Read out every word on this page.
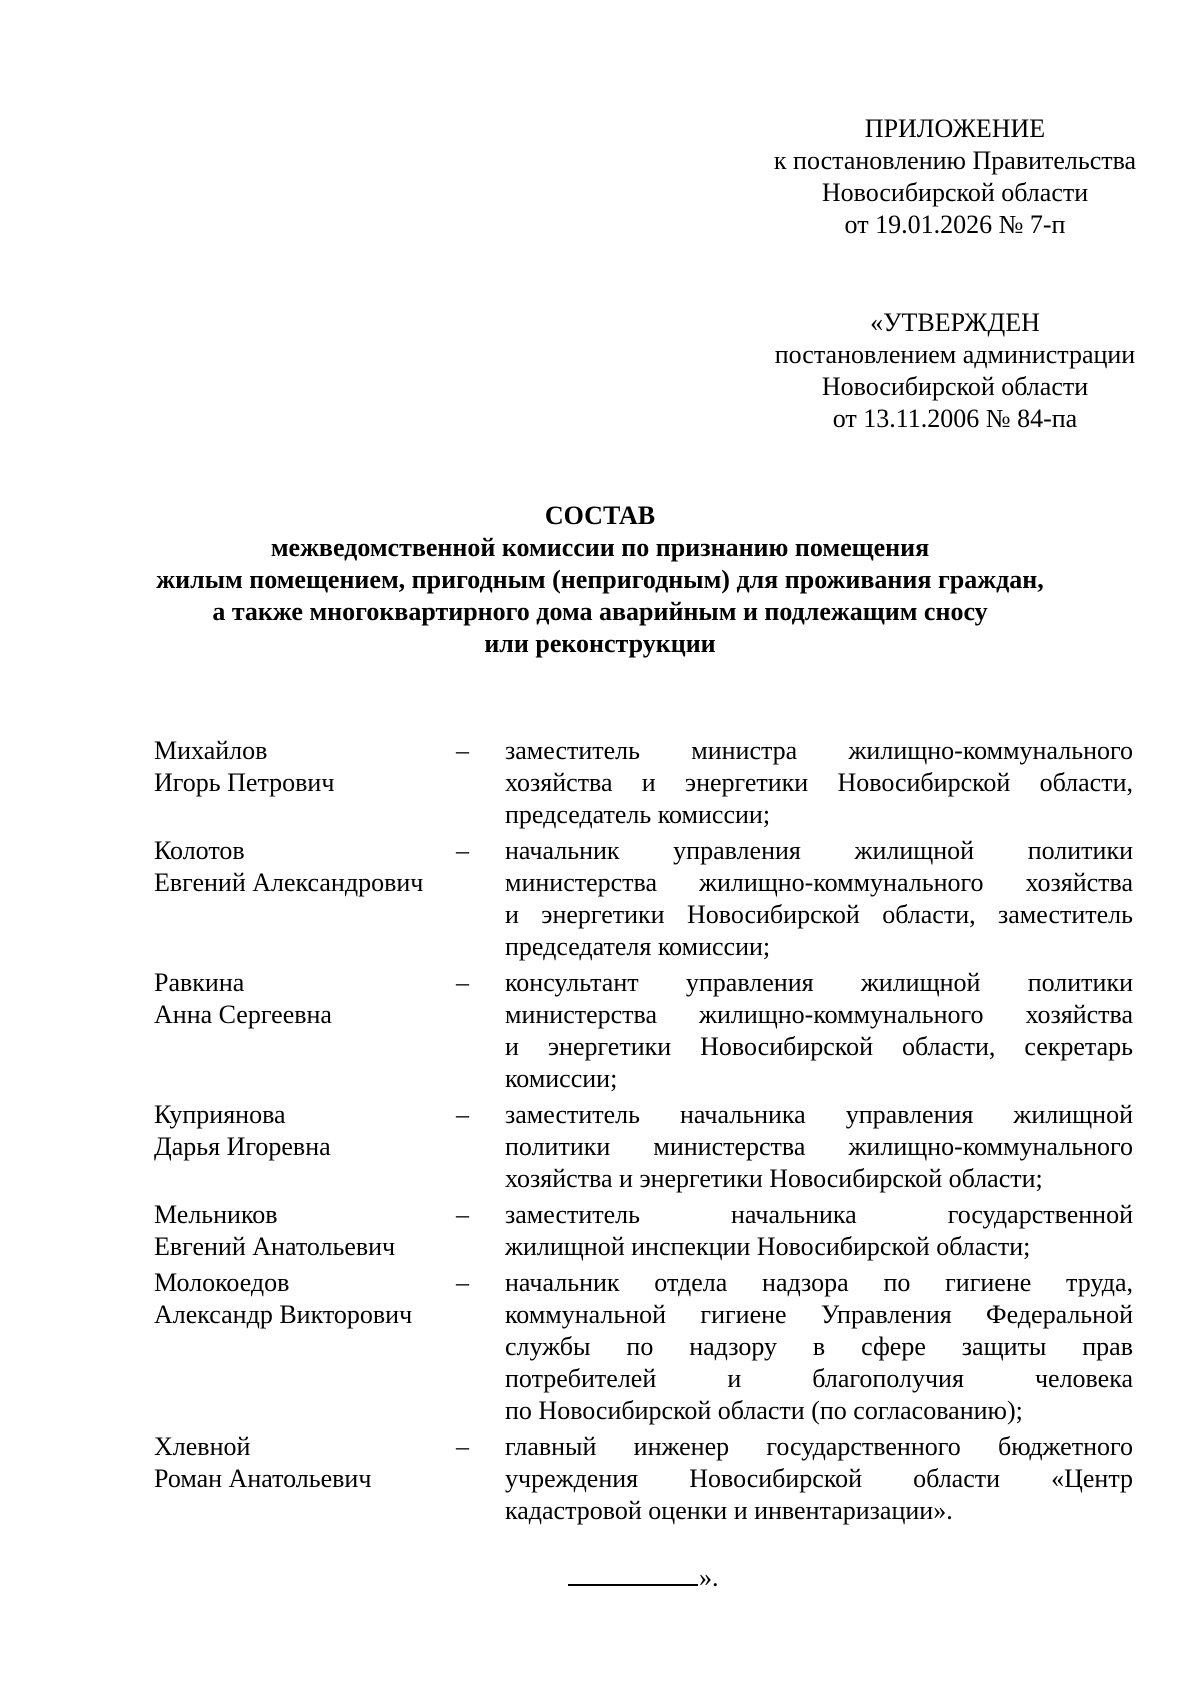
ПРИЛОЖЕНИЕ
к постановлению Правительства
Новосибирской области
от 19.01.2026 № 7-п
«УТВЕРЖДЕН
постановлением администрации
Новосибирской области
от 13.11.2006 № 84-па
СОСТАВ
межведомственной комиссии по признанию помещения
жилым помещением, пригодным (непригодным) для проживания граждан,
а также многоквартирного дома аварийным и подлежащим сносу
или реконструкции
Михайлов
Игорь Петрович
–	заместитель министра жилищно-коммунального
хозяйства и энергетики Новосибирской области,
председатель комиссии;
Колотов
Евгений Александрович
–	начальник управления жилищной политики
министерства жилищно-коммунального хозяйства
и энергетики Новосибирской области, заместитель
председателя комиссии;
Равкина
Анна Сергеевна
–	консультант управления жилищной политики
министерства жилищно-коммунального хозяйства
и энергетики Новосибирской области, секретарь
комиссии;
Куприянова
Дарья Игоревна
–	заместитель начальника управления жилищной
политики министерства жилищно-коммунального
хозяйства и энергетики Новосибирской области;
Мельников
Евгений Анатольевич
–	заместитель начальника государственной
жилищной инспекции Новосибирской области;
Молокоедов
Александр Викторович
–	начальник отдела надзора по гигиене труда,
коммунальной гигиене Управления Федеральной
службы по надзору в сфере защиты прав
потребителей и благополучия человека
по Новосибирской области (по согласованию);
Хлевной
Роман Анатольевич
–	главный инженер государственного бюджетного
учреждения Новосибирской области «Центр
кадастровой оценки и инвентаризации».
».
